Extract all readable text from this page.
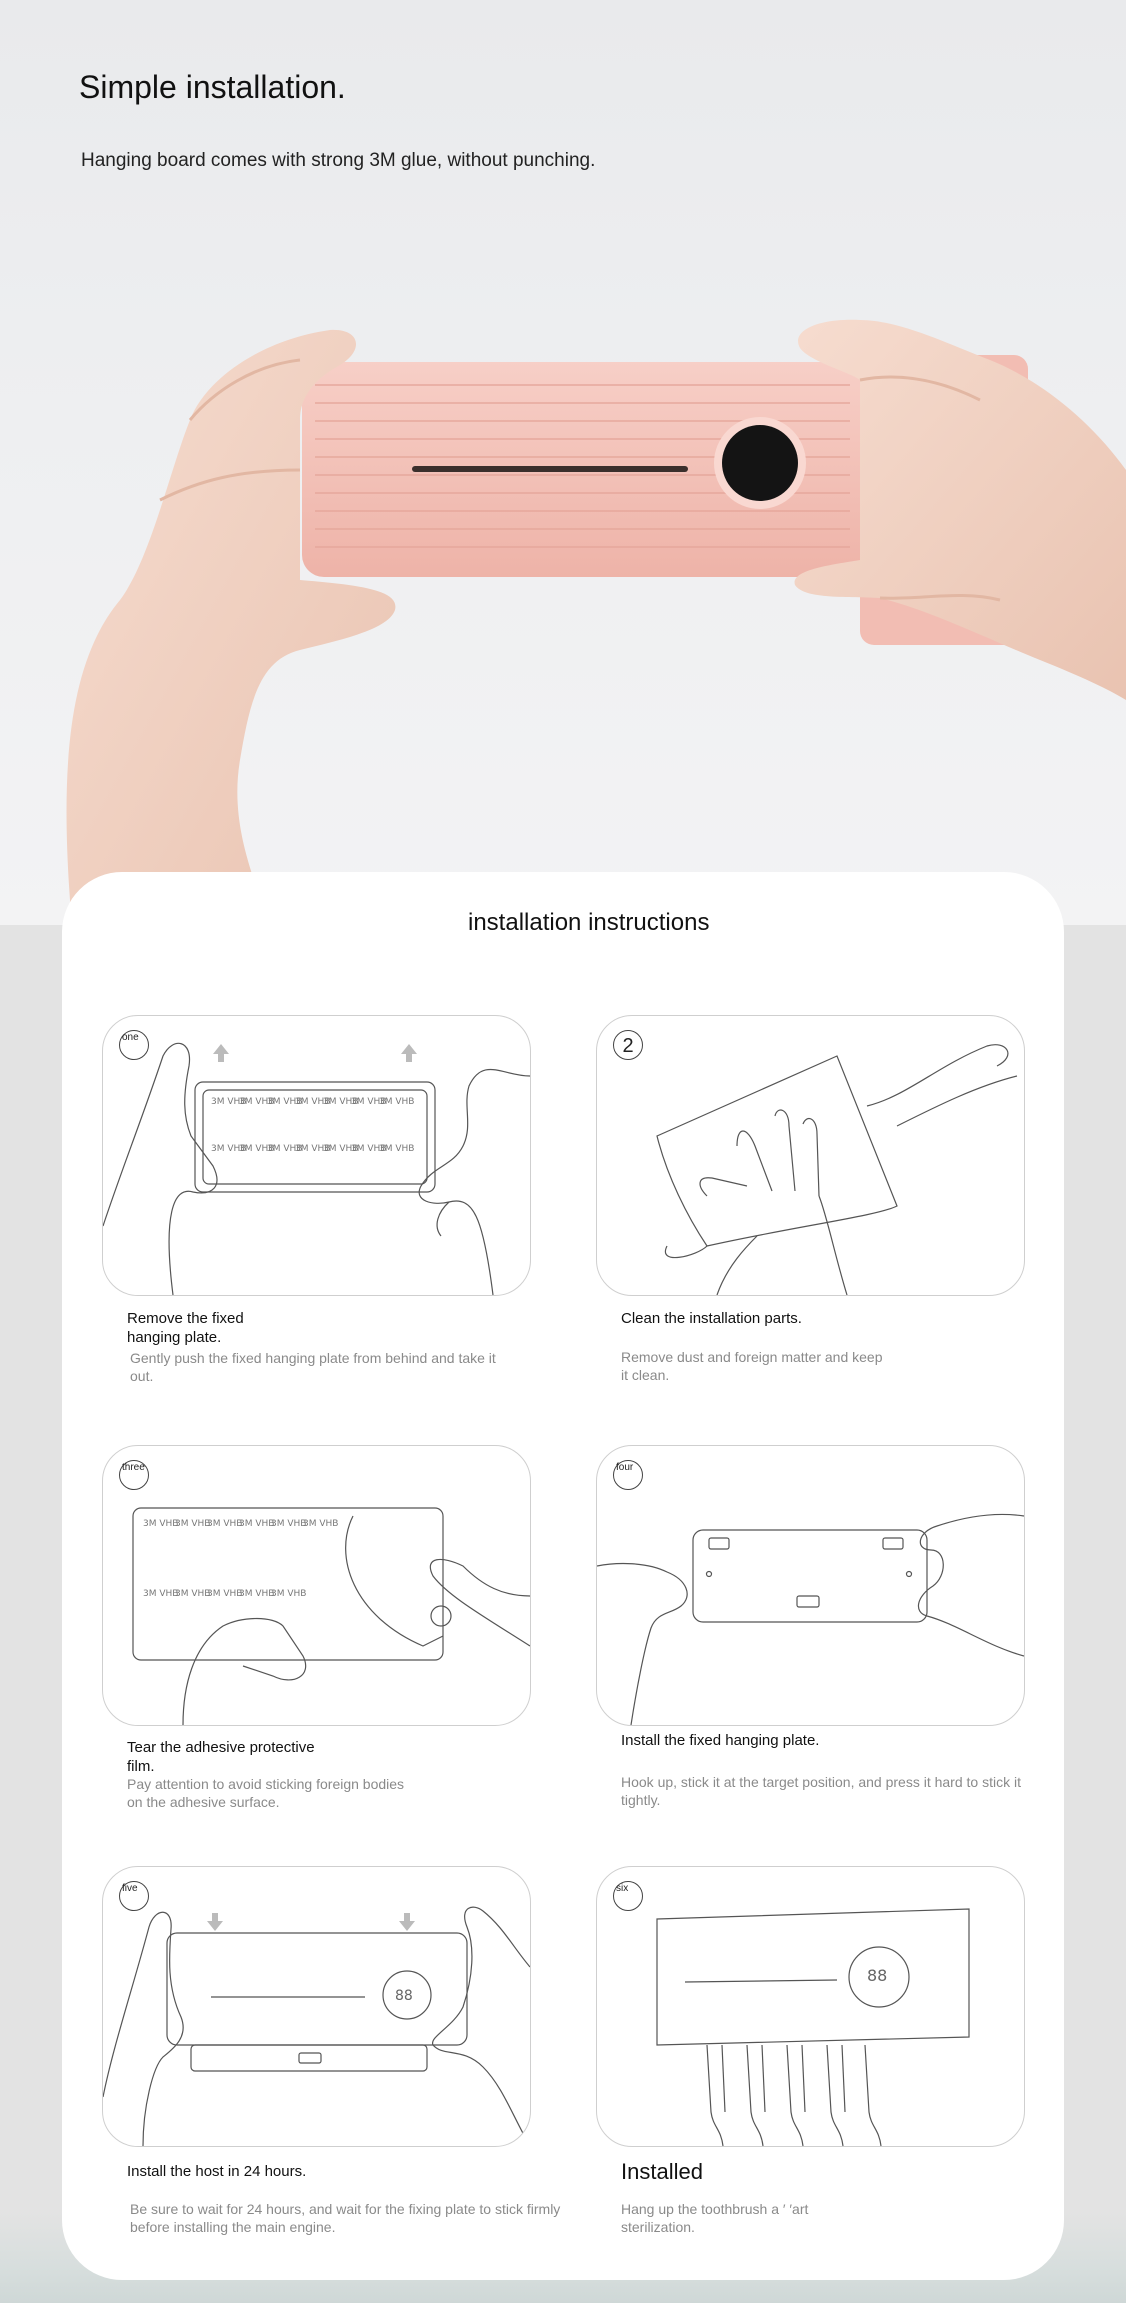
Simple installation.

Hanging board comes with strong 3M glue, without punching.

installation instructions
3M VHB
3M VHB
3M VHB
3M VHB
3M VHB
3M VHB
3M VHB
3M VHB
3M VHB
3M VHB
3M VHB
3M VHB
3M VHB
3M VHB
one

Remove the fixed hanging plate.

Gently push the fixed hanging plate from behind and take it out.

2

Clean the installation parts.

Remove dust and foreign matter and keep it clean.

3M VHB
3M VHB
3M VHB
3M VHB
3M VHB
3M VHB
3M VHB
3M VHB
3M VHB
3M VHB
3M VHB
three

Tear the adhesive protective film.

Pay attention to avoid sticking foreign bodies on the adhesive surface.

four

Install the fixed hanging plate.

Hook up, stick it at the target position, and press it hard to stick it tightly.

88
five

Install the host in 24 hours.

Be sure to wait for 24 hours, and wait for the fixing plate to stick firmly before installing the main engine.

88
six

Installed

Hang up the toothbrush a ′ ′art sterilization.
